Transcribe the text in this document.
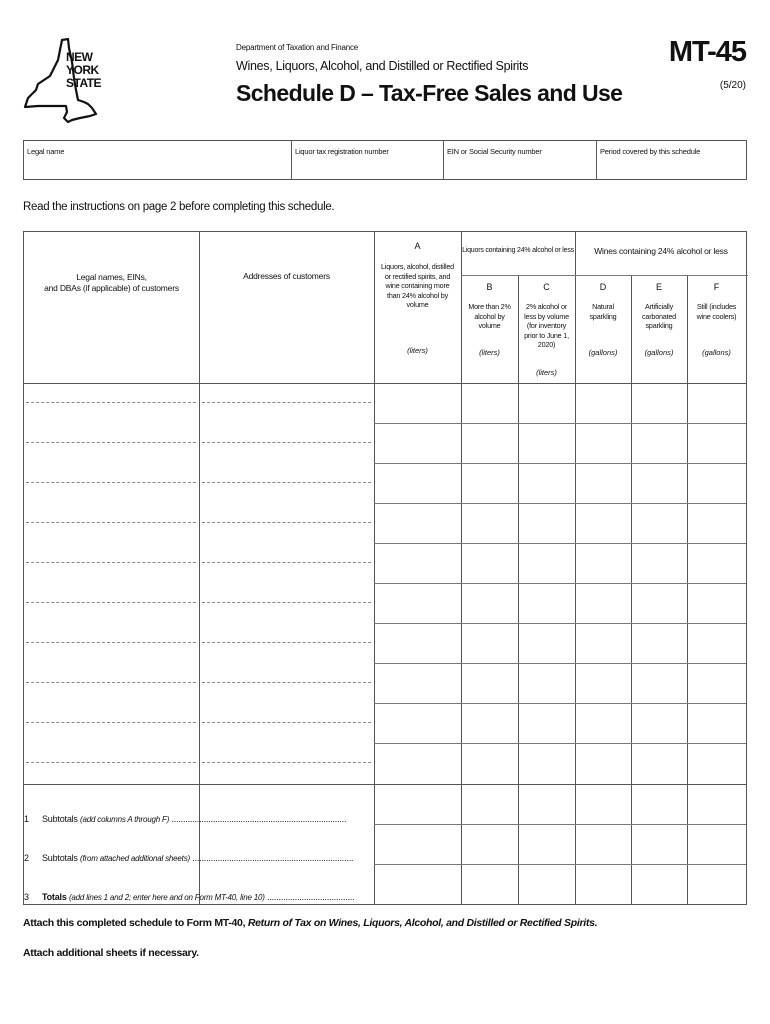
NEW
YORK
STATE
Department of Taxation and Finance
Wines, Liquors, Alcohol, and Distilled or Rectified Spirits
Schedule D – Tax-Free Sales and Use
MT-45
(5/20)
Legal name	Liquor tax registration number	EIN or Social Security number	Period covered by this schedule
Read the instructions on page 2 before completing this schedule.
Legal names, EINs,
and DBAs (if applicable) of customers
Addresses of customers
Liquors containing 24% alcohol or less	Wines containing 24% alcohol or less
A
Liquors, alcohol, distilled or rectified spirits, and wine containing more than 24% alcohol by volume
(liters)
B
More than 2% alcohol by volume
(liters)
C
2% alcohol or less by volume (for inventory prior to June 1, 2020)
(liters)
D
Natural sparkling
(gallons)
E
Artificially carbonated sparkling
(gallons)
F
Still (includes wine coolers)
(gallons)
1 Subtotals (add columns A through F) ............................................................................
2 Subtotals (from attached additional sheets) ......................................................................
3 Totals (add lines 1 and 2; enter here and on Form MT-40, line 10) ......................................
Attach this completed schedule to Form MT-40, Return of Tax on Wines, Liquors, Alcohol, and Distilled or Rectified Spirits.
Attach additional sheets if necessary.
